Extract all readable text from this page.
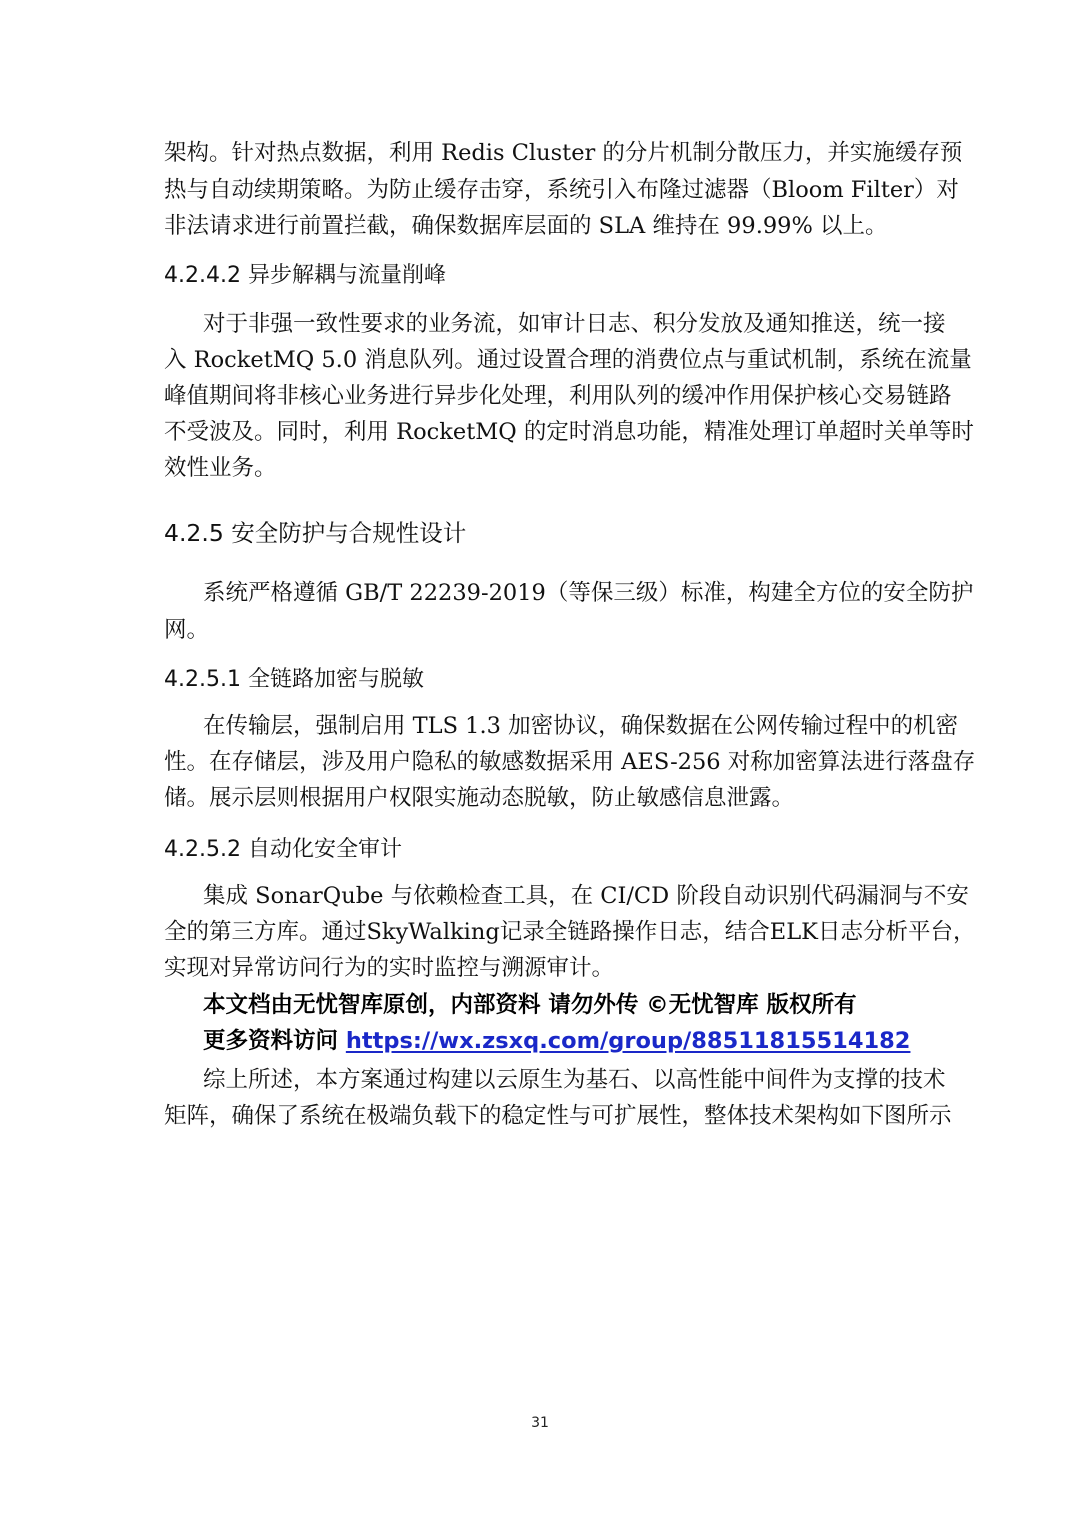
架构。针对热点数据，利用 Redis Cluster 的分片机制分散压力，并实施缓存预
热与自动续期策略。为防止缓存击穿，系统引入布隆过滤器（Bloom Filter）对
非法请求进行前置拦截，确保数据库层面的 SLA 维持在 99.99% 以上。
4.2.4.2 异步解耦与流量削峰
对于非强一致性要求的业务流，如审计日志、积分发放及通知推送，统一接
入 RocketMQ 5.0 消息队列。通过设置合理的消费位点与重试机制，系统在流量
峰值期间将非核心业务进行异步化处理，利用队列的缓冲作用保护核心交易链路
不受波及。同时，利用 RocketMQ 的定时消息功能，精准处理订单超时关单等时
效性业务。
4.2.5 安全防护与合规性设计
系统严格遵循 GB/T 22239-2019（等保三级）标准，构建全方位的安全防护
网。
4.2.5.1 全链路加密与脱敏
在传输层，强制启用 TLS 1.3 加密协议，确保数据在公网传输过程中的机密
性。在存储层，涉及用户隐私的敏感数据采用 AES-256 对称加密算法进行落盘存
储。展示层则根据用户权限实施动态脱敏，防止敏感信息泄露。
4.2.5.2 自动化安全审计
集成 SonarQube 与依赖检查工具，在 CI/CD 阶段自动识别代码漏洞与不安
全的第三方库。通过SkyWalking记录全链路操作日志，结合ELK日志分析平台，
实现对异常访问行为的实时监控与溯源审计。
本文档由无忧智库原创，内部资料 请勿外传 ©无忧智库 版权所有
更多资料访问 https://wx.zsxq.com/group/88511815514182
综上所述，本方案通过构建以云原生为基石、以高性能中间件为支撑的技术
矩阵，确保了系统在极端负载下的稳定性与可扩展性，整体技术架构如下图所示
31
